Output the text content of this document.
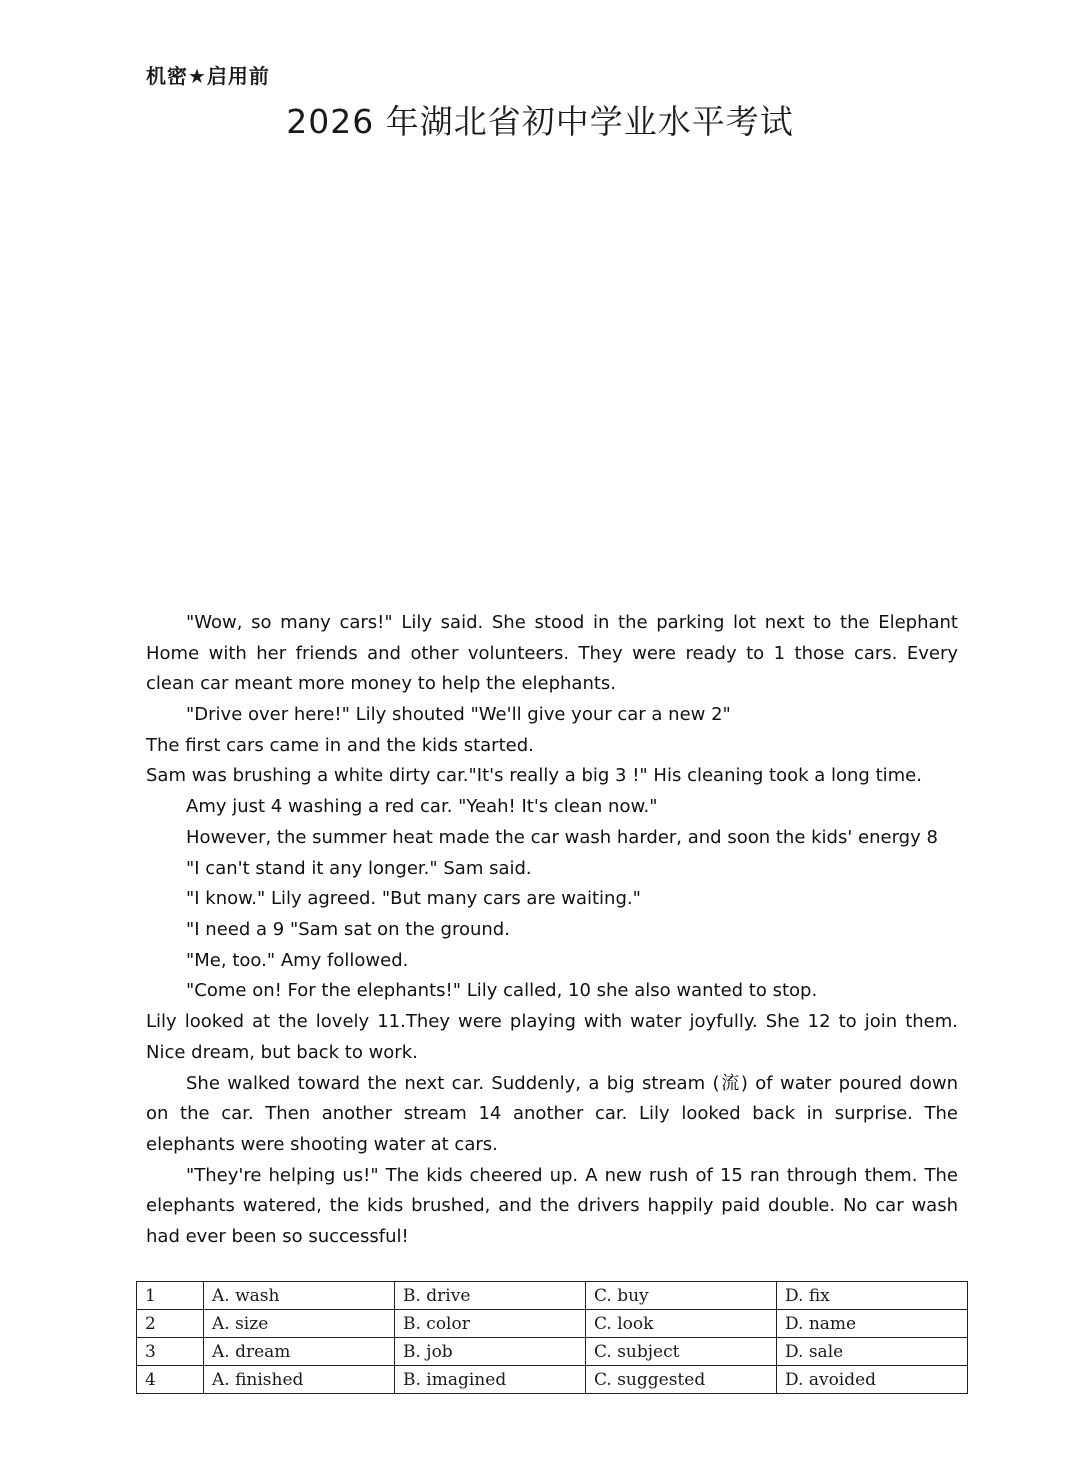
机密★启用前
2026 年湖北省初中学业水平考试
"Wow, so many cars!" Lily said. She stood in the parking lot next to the Elephant
Home with her friends and other volunteers. They were ready to 1 those cars. Every
clean car meant more money to help the elephants.
"Drive over here!" Lily shouted "We'll give your car a new 2"
The first cars came in and the kids started.
Sam was brushing a white dirty car."It's really a big 3 !" His cleaning took a long time.
Amy just 4 washing a red car. "Yeah! It's clean now."
However, the summer heat made the car wash harder, and soon the kids' energy 8
"I can't stand it any longer." Sam said.
"I know." Lily agreed. "But many cars are waiting."
"I need a 9 "Sam sat on the ground.
"Me, too." Amy followed.
"Come on! For the elephants!" Lily called, 10 she also wanted to stop.
Lily looked at the lovely 11.They were playing with water joyfully. She 12 to join them.
Nice dream, but back to work.
She walked toward the next car. Suddenly, a big stream (流) of water poured down
on the car. Then another stream 14 another car. Lily looked back in surprise. The
elephants were shooting water at cars.
"They're helping us!" The kids cheered up. A new rush of 15 ran through them. The
elephants watered, the kids brushed, and the drivers happily paid double. No car wash
had ever been so successful!
1	A. wash	B. drive	C. buy	D. fix
2	A. size	B. color	C. look	D. name
3	A. dream	B. job	C. subject	D. sale
4	A. finished	B. imagined	C. suggested	D. avoided
